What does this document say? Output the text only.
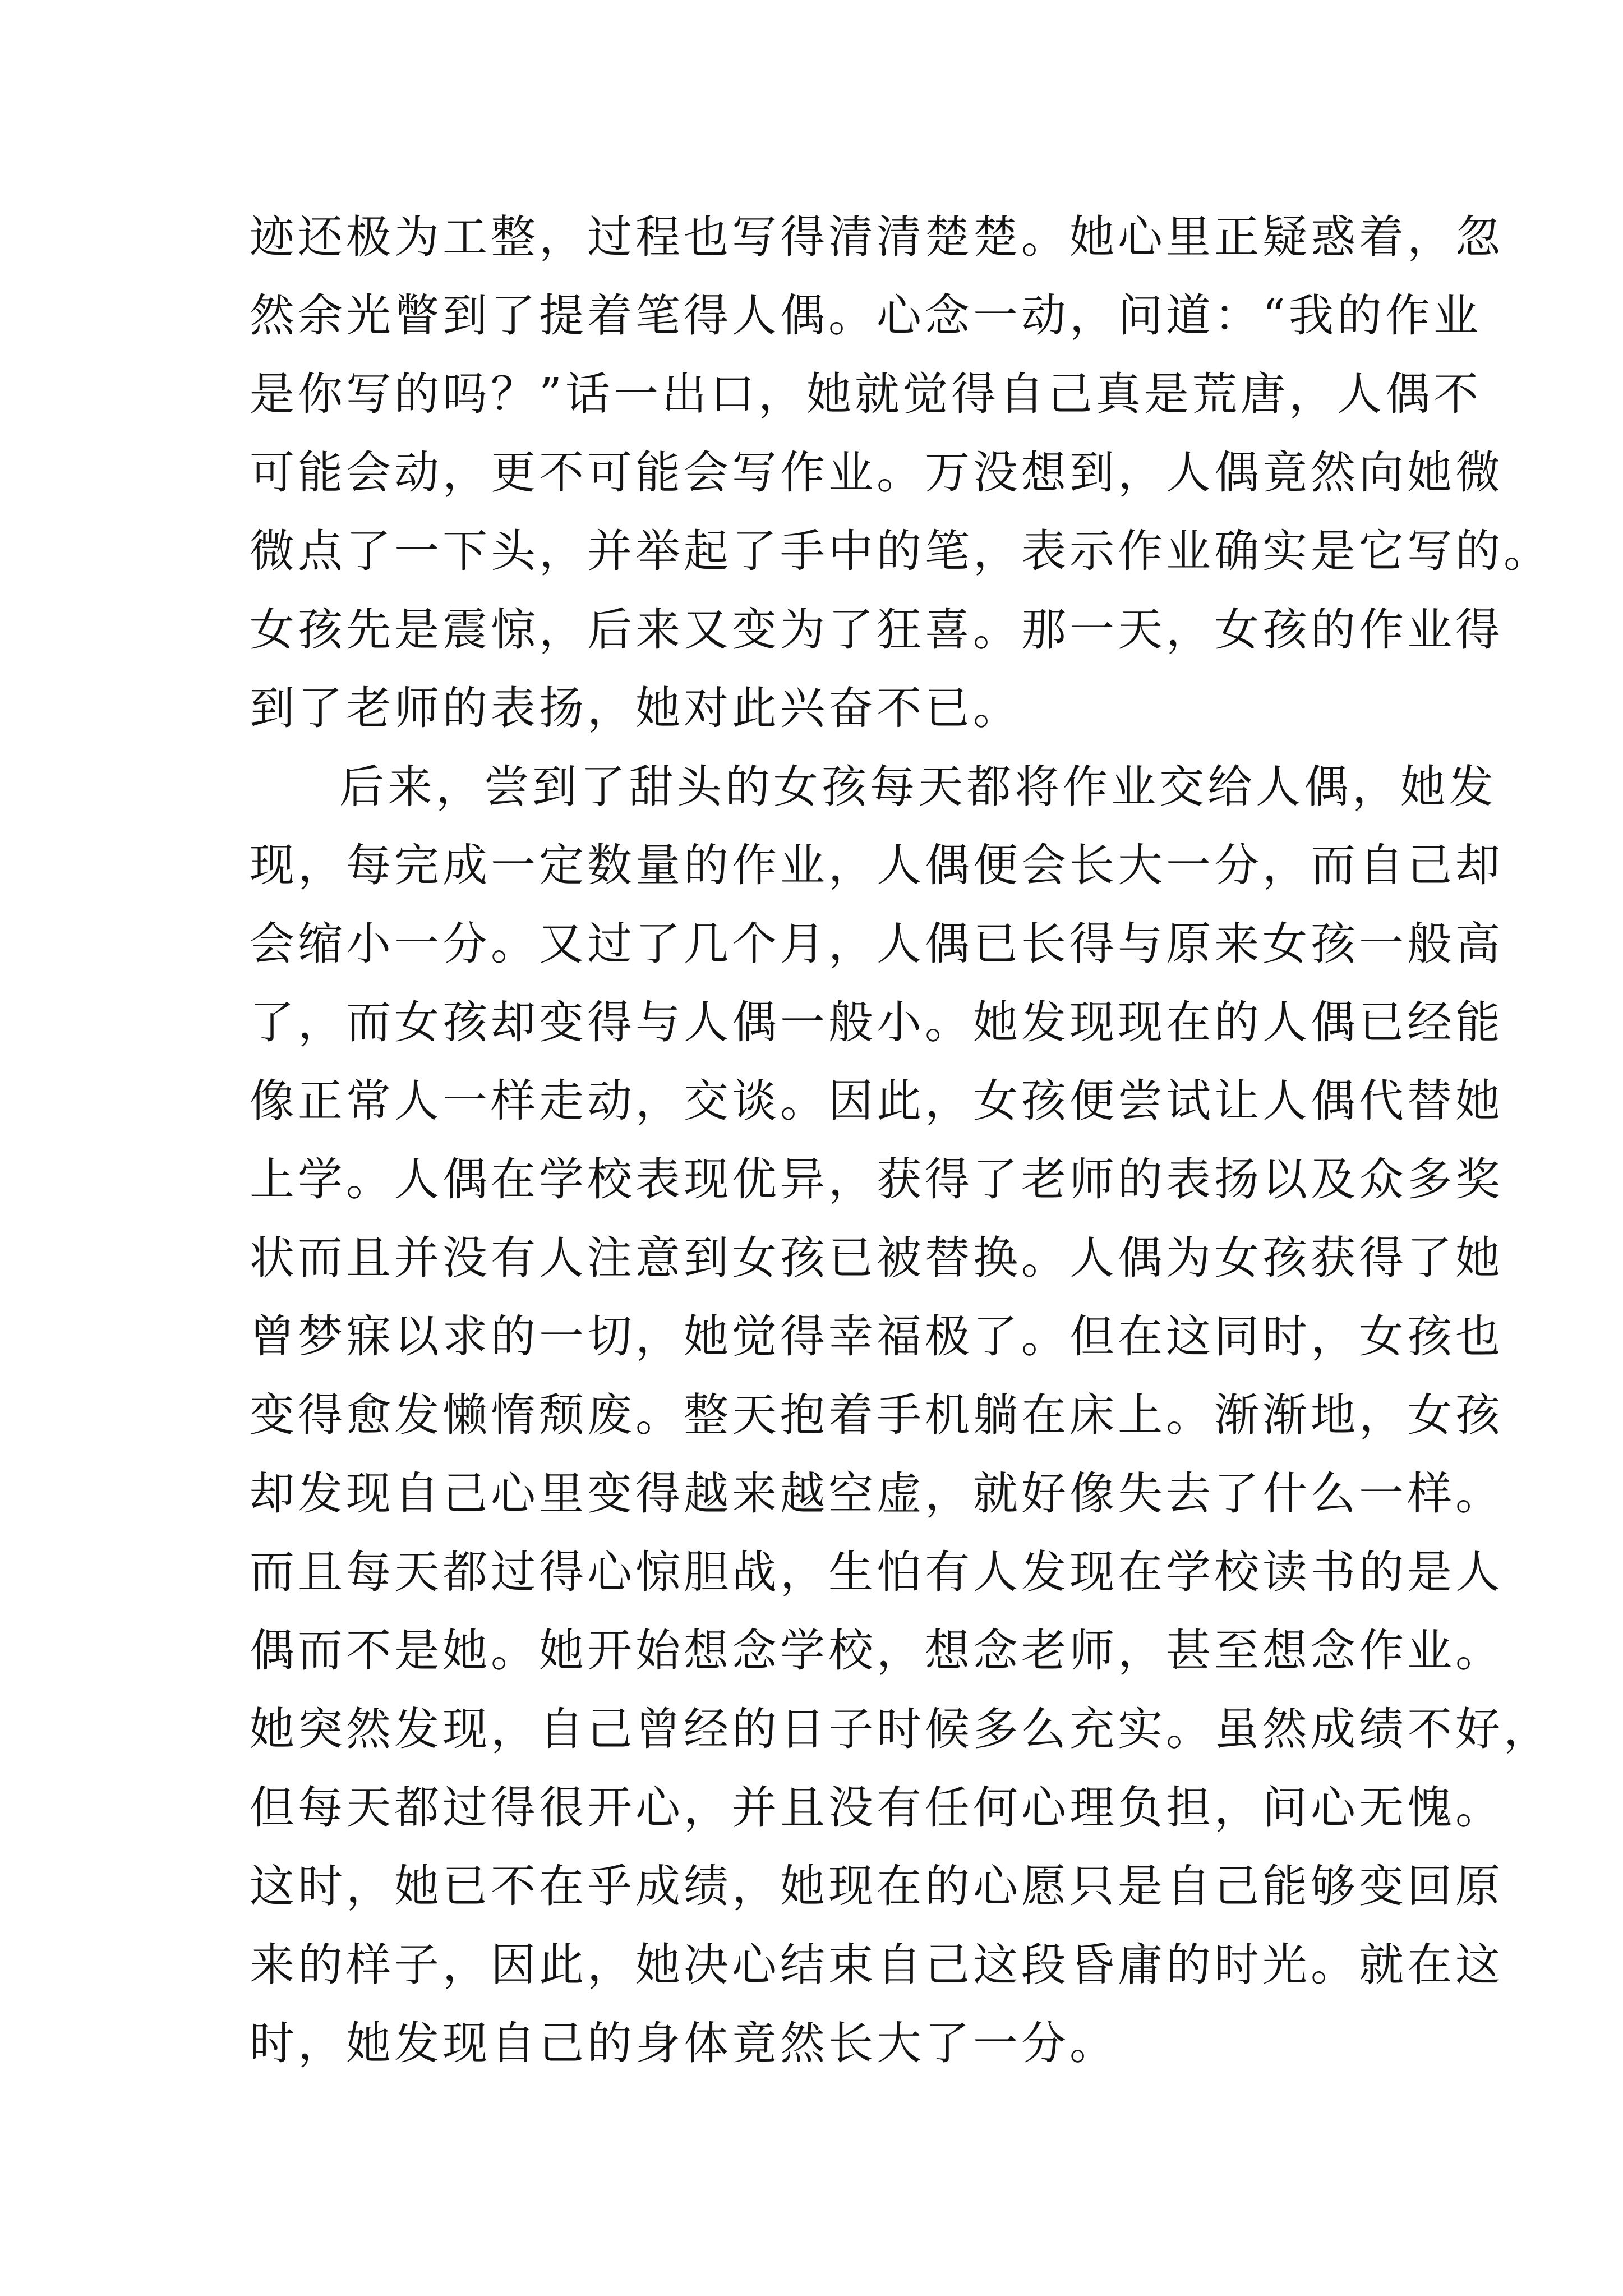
迹还极为工整，过程也写得清清楚楚。她心里正疑惑着，忽
然余光瞥到了提着笔得人偶。心念一动，问道：“我的作业
是你写的吗？”话一出口，她就觉得自己真是荒唐，人偶不
可能会动，更不可能会写作业。万没想到，人偶竟然向她微
微点了一下头，并举起了手中的笔，表示作业确实是它写的。
女孩先是震惊，后来又变为了狂喜。那一天，女孩的作业得
到了老师的表扬，她对此兴奋不已。
后来，尝到了甜头的女孩每天都将作业交给人偶，她发
现，每完成一定数量的作业，人偶便会长大一分，而自己却
会缩小一分。又过了几个月，人偶已长得与原来女孩一般高
了，而女孩却变得与人偶一般小。她发现现在的人偶已经能
像正常人一样走动，交谈。因此，女孩便尝试让人偶代替她
上学。人偶在学校表现优异，获得了老师的表扬以及众多奖
状而且并没有人注意到女孩已被替换。人偶为女孩获得了她
曾梦寐以求的一切，她觉得幸福极了。但在这同时，女孩也
变得愈发懒惰颓废。整天抱着手机躺在床上。渐渐地，女孩
却发现自己心里变得越来越空虚，就好像失去了什么一样。
而且每天都过得心惊胆战，生怕有人发现在学校读书的是人
偶而不是她。她开始想念学校，想念老师，甚至想念作业。
她突然发现，自己曾经的日子时候多么充实。虽然成绩不好，
但每天都过得很开心，并且没有任何心理负担，问心无愧。
这时，她已不在乎成绩，她现在的心愿只是自己能够变回原
来的样子，因此，她决心结束自己这段昏庸的时光。就在这
时，她发现自己的身体竟然长大了一分。
